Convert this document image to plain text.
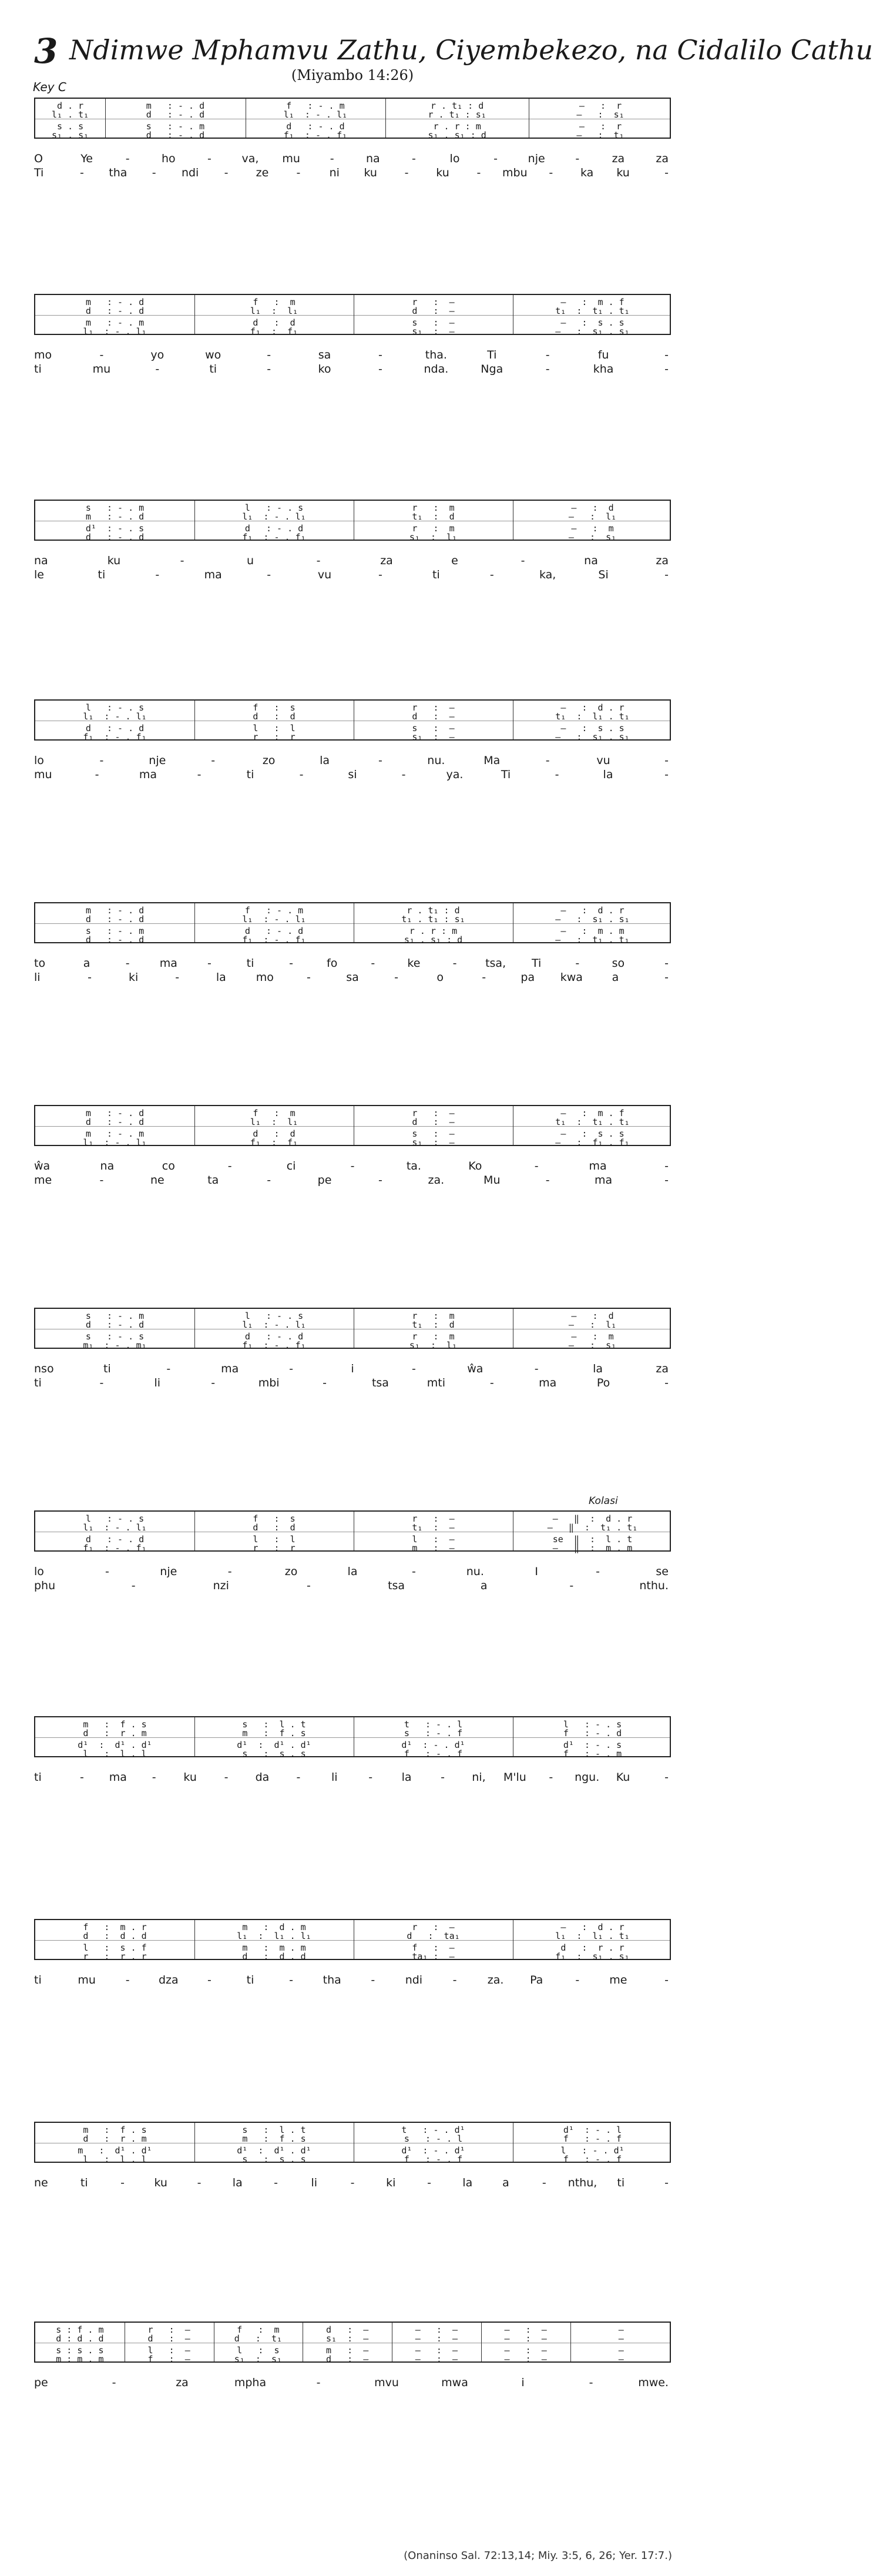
3 Ndimwe Mphamvu Zathu, Ciyembekezo, na Cidalilo Cathu
(Miyambo 14:26)
Key C
d . r	m   : - . d	f   : - . m	r . t₁ : d	—   :  r
l₁ . t₁	d   : - . d	l₁  : - . l₁	r . t₁ : s₁	—   :  s₁
s . s	s   : - . m	d   : - . d	r . r : m	—   :  r
s₁ . s₁	d   : - . d	f₁  : - . f₁	s₁ . s₁ : d	—   :  t₁
O	Ye	-	ho	-	va, mu	-	na	-	lo	-	nje	-	za	za
Ti	- tha - ndi - ze -	ni ku - ku - mbu - ka ku	-
m   : - . d	f   :  m	r   :  —	—   :  m . f
d   : - . d	l₁  :  l₁	d   :  —	t₁  :  t₁ . t₁
m   : - . m	d   :  d	s   :  —	—   :  s . s
l₁  : - . l₁	f₁  :  f₁	s₁  :  —	—   :  s₁ . s₁
mo	-	yo	wo	-	sa	-	tha.	Ti	-	fu	-
ti	mu	-	ti	-	ko	-	nda.	Nga	-	kha	-
s   : - . m	l   : - . s	r   :  m	—   :  d
m   : - . d	l₁  : - . l₁	t₁  :  d	—   :  l₁
d¹  : - . s	d   : - . d	r   :  m	—   :  m
d   : - . d	f₁  : - . f₁	s₁  :  l₁	—   :  s₁
na	ku	-	u	-	za	e	-	na	za
le	ti	-	ma	-	vu	-	ti	-	ka,	Si	-
l   : - . s	f   :  s	r   :  —	—   :  d . r
l₁  : - . l₁	d   :  d	d   :  —	t₁  :  l₁ . t₁
d   : - . d	l   :  l	s   :  —	—   :  s . s
f₁  : - . f₁	r   :  r	s₁  :  —	—   :  s₁ . s₁
lo	-	nje	-	zo	la	-	nu.	Ma	-	vu	-
mu	-	ma	-	ti	-	si	-	ya.	Ti	-	la	-
m   : - . d	f   : - . m	r . t₁ : d	—   :  d . r
d   : - . d	l₁  : - . l₁	t₁ . t₁ : s₁	—   :  s₁ . s₁
s   : - . m	d   : - . d	r . r : m	—   :  m . m
d   : - . d	f₁  : - . f₁	s₁ . s₁ : d	—   :  t₁ . t₁
to	a	-	ma	-	ti	-	fo	-	ke	-	tsa, Ti	-	so	-
li	-	ki	-	la	mo	-	sa	-	o	-	pa kwa	a	-
m   : - . d	f   :  m	r   :  —	—   :  m . f
d   : - . d	l₁  :  l₁	d   :  —	t₁  :  t₁ . t₁
m   : - . m	d   :  d	s   :  —	—   :  s . s
l₁  : - . l₁	f₁  :  f₁	s₁  :  —	—   :  f₁ . f₁
ŵa	na	co	-	ci	-	ta.	Ko	-	ma	-
me	-	ne	ta	-	pe	-	za.	Mu	-	ma	-
s   : - . m	l   : - . s	r   :  m	—   :  d
d   : - . d	l₁  : - . l₁	t₁  :  d	—   :  l₁
s   : - . s	d   : - . d	r   :  m	—   :  m
m₁  : - . m₁	f₁  : - . f₁	s₁  :  l₁	—   :  s₁
nso	ti	-	ma	-	i	-	ŵa	-	la	za
ti	-	li	-	mbi	-	tsa	mti	-	ma	Po	-
l   : - . s	f   :  s	r   :  —	—   ‖  :  d . r
l₁  : - . l₁	d   :  d	t₁  :  —	—   ‖  :  t₁ . t₁
d   : - . d	l   :  l	l   :  —	se  ‖  :  l . t
f₁  : - . f₁	r   :  r	m   :  —	—   ‖  :  m . m
Kolasi
lo	-	nje	-	zo	la	-	nu.	I	-	se
phu	-	nzi	-	tsa	a	-	nthu.
m   :  f . s	s   :  l . t	t   : - . l	l   : - . s
d   :  r . m	m   :  f . s	s   : - . f	f   : - . d
d¹  :  d¹ . d¹	d¹  :  d¹ . d¹	d¹  : - . d¹	d¹  : - . s
l   :  l . l	s   :  s . s	f   : - . f	f   : - . m
ti	- ma - ku - da -	li	-	la	- ni, M'lu - ngu. Ku	-
f   :  m . r	m   :  d . m	r   :  —	—   :  d . r
d   :  d . d	l₁  :  l₁ . l₁	d   :  ta₁	l₁  :  l₁ . t₁
l   :  s . f	m   :  m . m	f   :  —	d   :  r . r
r   :  r . r	d   :  d . d	ta₁ :  —	f₁  :  s₁ . s₁
ti	mu	-	dza	-	ti	-	tha	-	ndi	-	za. Pa	-	me	-
m   :  f . s	s   :  l . t	t   : - . d¹	d¹  : - . l
d   :  r . m	m   :  f . s	s   : - . l	f   : - . f
m   :  d¹ . d¹	d¹  :  d¹ . d¹	d¹  : - . d¹	l   : - . d¹
l   :  l . l	s   :  s . s	f   : - . f	f   : - . f
ne	ti	-	ku	-	la	-	li	-	ki	-	la	a	- nthu, ti	-
s : f . m	r   :  —	f   :  m	d   :  —	—   :  —	—   :  —	—
d : d . d	d   :  —	d   :  t₁	s₁  :  —	—   :  —	—   :  —	—
s : s . s	l   :  —	l   :  s	m   :  —	—   :  —	—   :  —	—
m : m . m	f   :  —	s₁  :  s₁	d   :  —	—   :  —	—   :  —	—
pe	-	za	mpha	-	mvu	mwa	i	-	mwe.
(Onaninso Sal. 72:13,14; Miy. 3:5, 6, 26; Yer. 17:7.)
